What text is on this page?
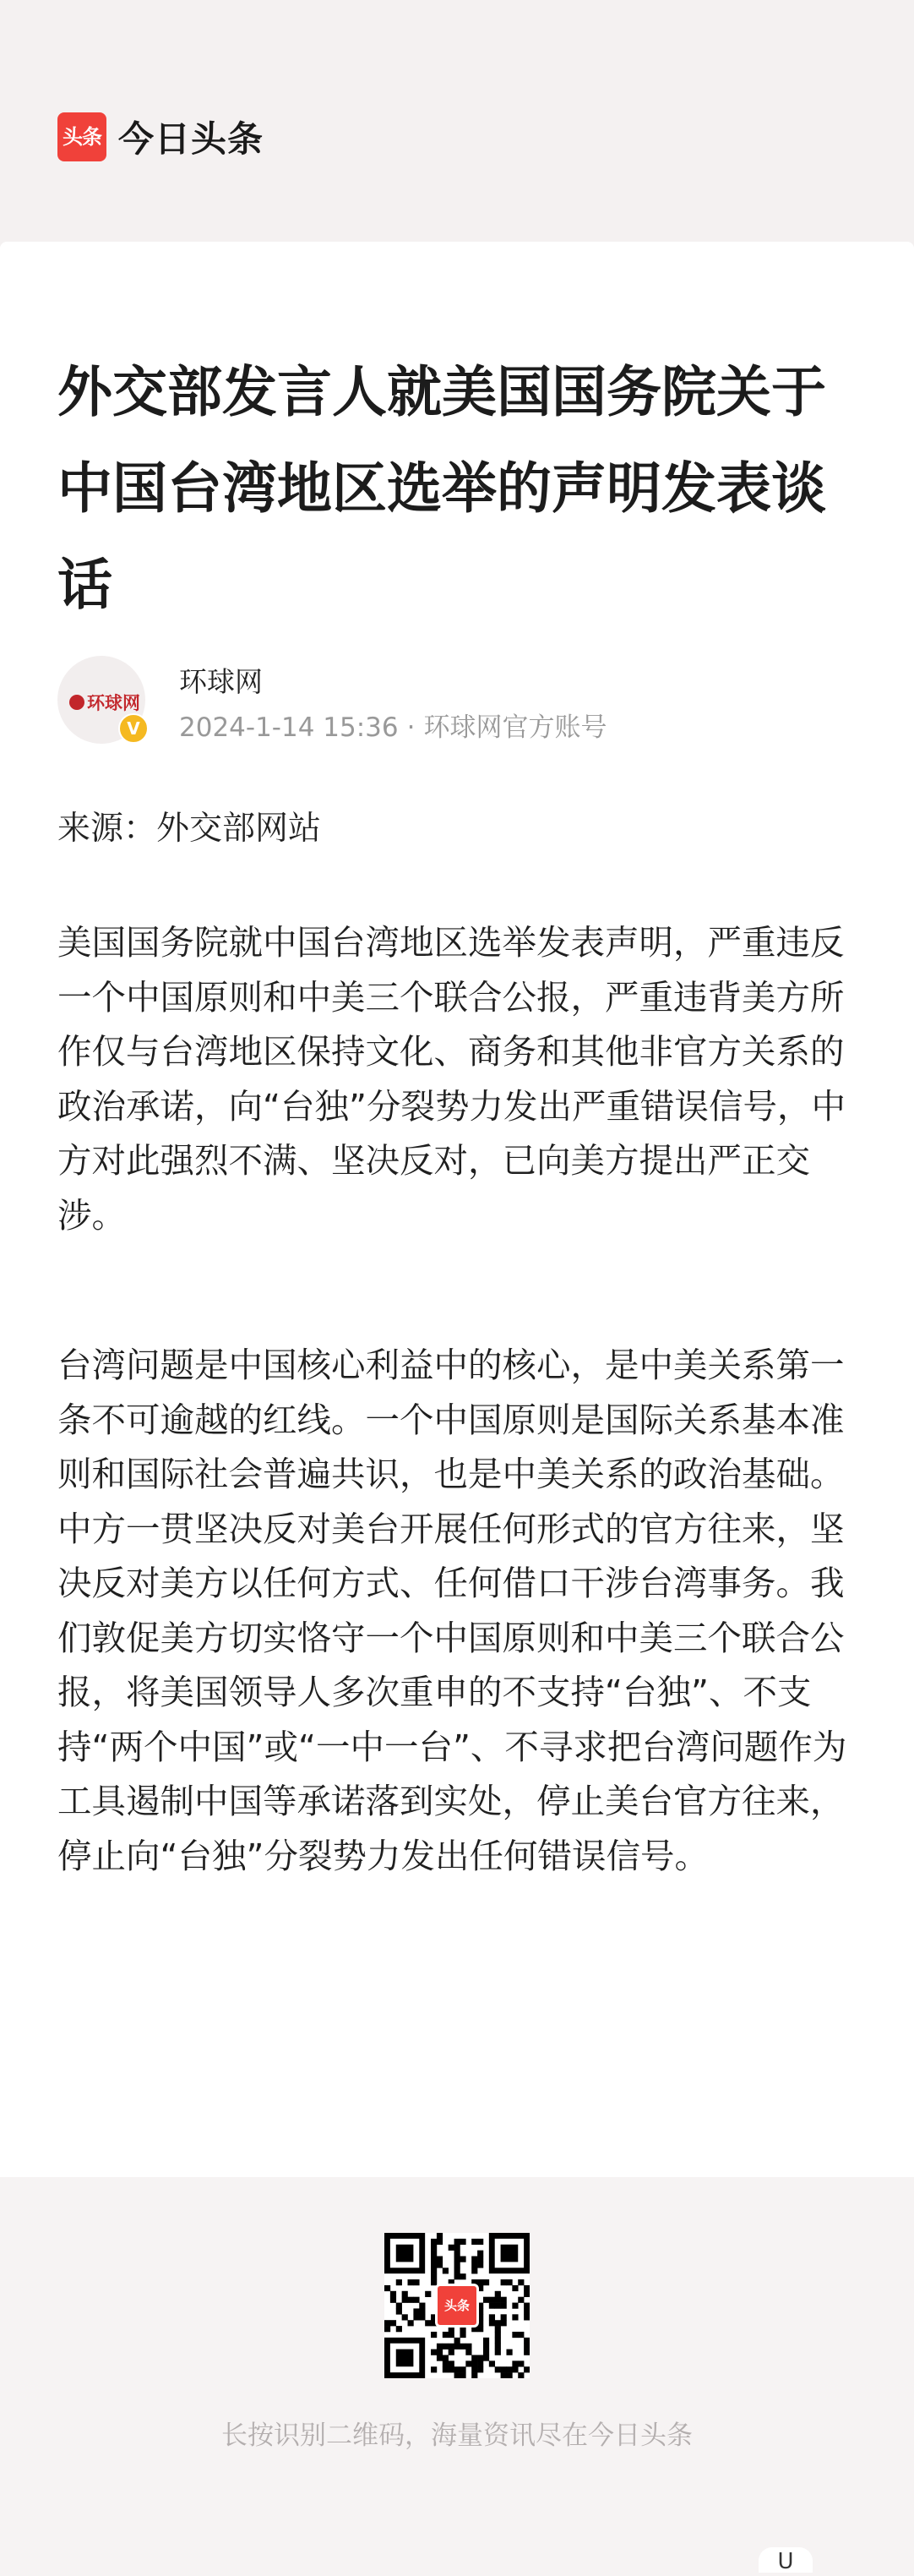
头条 今日头条
外交部发言人就美国国务院关于中国台湾地区选举的声明发表谈话
环球网
V
环球网
2024-1-14 15:36 · 环球网官方账号
来源：外交部网站

美国国务院就中国台湾地区选举发表声明，严重违反一个中国原则和中美三个联合公报，严重违背美方所作仅与台湾地区保持文化、商务和其他非官方关系的政治承诺，向“台独”分裂势力发出严重错误信号，中方对此强烈不满、坚决反对，已向美方提出严正交涉。

台湾问题是中国核心利益中的核心，是中美关系第一条不可逾越的红线。一个中国原则是国际关系基本准则和国际社会普遍共识，也是中美关系的政治基础。中方一贯坚决反对美台开展任何形式的官方往来，坚决反对美方以任何方式、任何借口干涉台湾事务。我们敦促美方切实恪守一个中国原则和中美三个联合公报，将美国领导人多次重申的不支持“台独”、不支持“两个中国”或“一中一台”、不寻求把台湾问题作为工具遏制中国等承诺落到实处，停止美台官方往来，停止向“台独”分裂势力发出任何错误信号。

头条
长按识别二维码，海量资讯尽在今日头条
U
